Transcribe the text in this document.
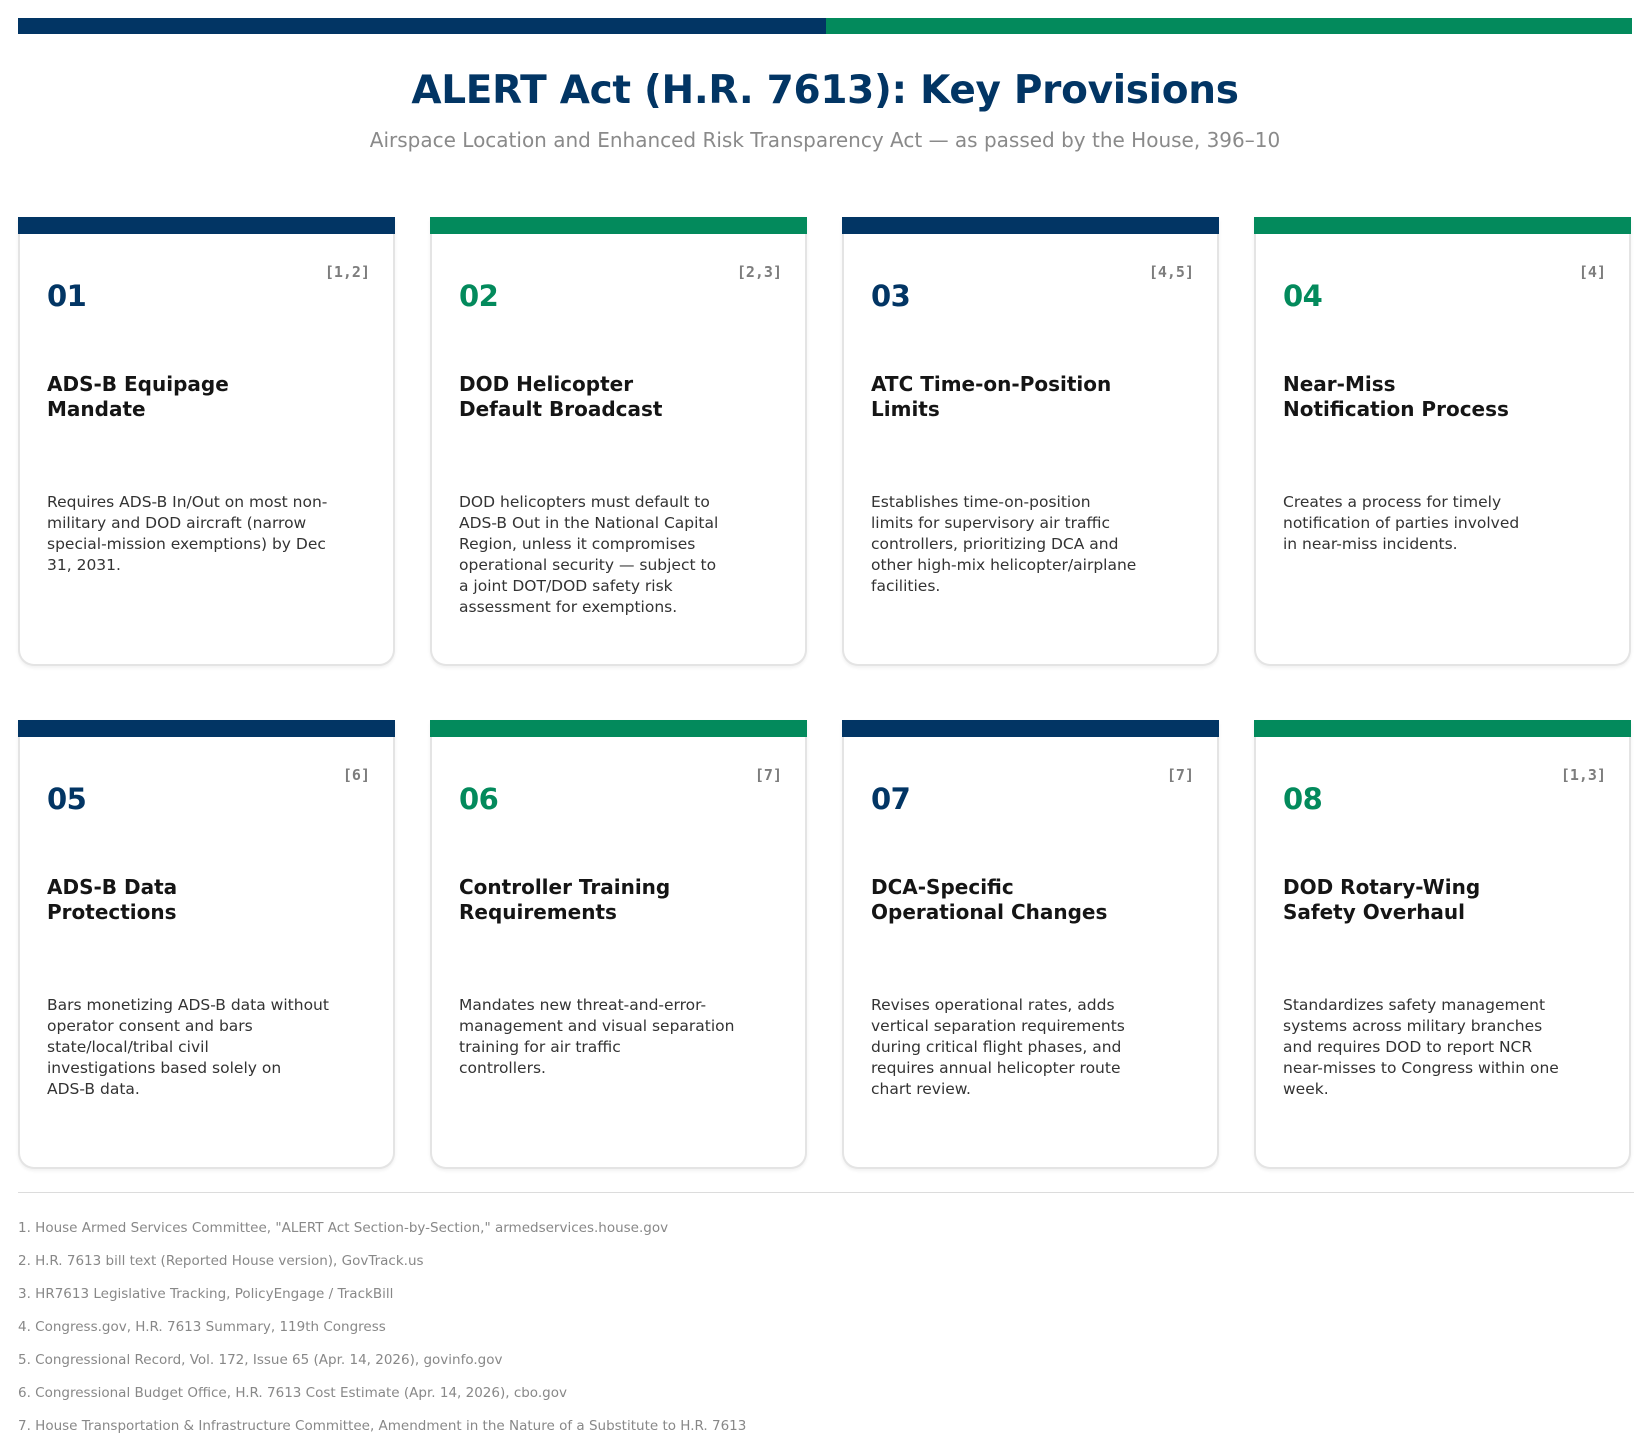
ALERT Act (H.R. 7613): Key Provisions

Airspace Location and Enhanced Risk Transparency Act — as passed by the House, 396–10

01
[1,2]
ADS-B Equipage
Mandate

Requires ADS-B In/Out on most non-
military and DOD aircraft (narrow
special-mission exemptions) by Dec
31, 2031.

02
[2,3]
DOD Helicopter
Default Broadcast

DOD helicopters must default to
ADS-B Out in the National Capital
Region, unless it compromises
operational security — subject to
a joint DOT/DOD safety risk
assessment for exemptions.

03
[4,5]
ATC Time-on-Position
Limits

Establishes time-on-position
limits for supervisory air traffic
controllers, prioritizing DCA and
other high-mix helicopter/airplane
facilities.

04
[4]
Near-Miss
Notification Process

Creates a process for timely
notification of parties involved
in near-miss incidents.

05
[6]
ADS-B Data
Protections

Bars monetizing ADS-B data without
operator consent and bars
state/local/tribal civil
investigations based solely on
ADS-B data.

06
[7]
Controller Training
Requirements

Mandates new threat-and-error-
management and visual separation
training for air traffic
controllers.

07
[7]
DCA-Specific
Operational Changes

Revises operational rates, adds
vertical separation requirements
during critical flight phases, and
requires annual helicopter route
chart review.

08
[1,3]
DOD Rotary-Wing
Safety Overhaul

Standardizes safety management
systems across military branches
and requires DOD to report NCR
near-misses to Congress within one
week.

1. House Armed Services Committee, "ALERT Act Section-by-Section," armedservices.house.gov

2. H.R. 7613 bill text (Reported House version), GovTrack.us

3. HR7613 Legislative Tracking, PolicyEngage / TrackBill

4. Congress.gov, H.R. 7613 Summary, 119th Congress

5. Congressional Record, Vol. 172, Issue 65 (Apr. 14, 2026), govinfo.gov

6. Congressional Budget Office, H.R. 7613 Cost Estimate (Apr. 14, 2026), cbo.gov

7. House Transportation & Infrastructure Committee, Amendment in the Nature of a Substitute to H.R. 7613
